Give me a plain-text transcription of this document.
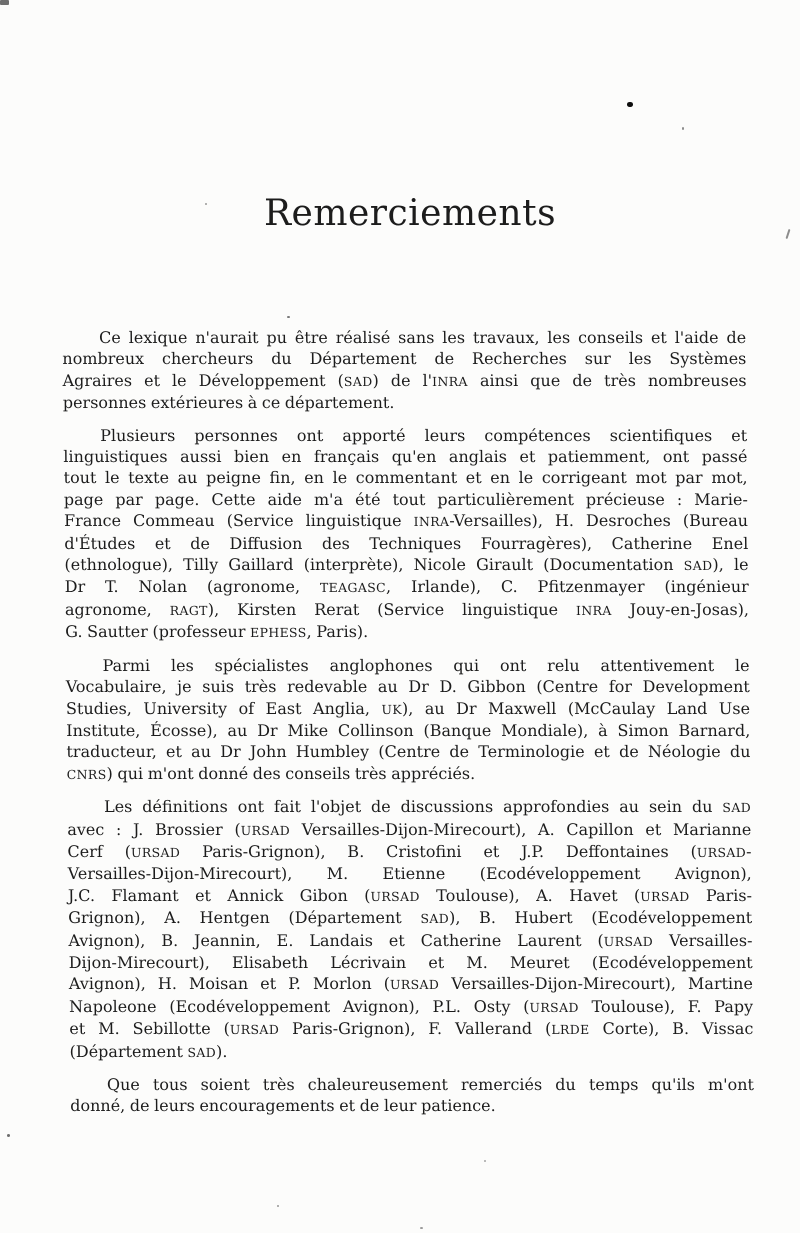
Remerciements
Ce lexique n'aurait pu être réalisé sans les travaux, les conseils et l'aide de
nombreux chercheurs du Département de Recherches sur les Systèmes
Agraires et le Développement (SAD) de l'INRA ainsi que de très nombreuses
personnes extérieures à ce département.
Plusieurs personnes ont apporté leurs compétences scientifiques et
linguistiques aussi bien en français qu'en anglais et patiemment, ont passé
tout le texte au peigne fin, en le commentant et en le corrigeant mot par mot,
page par page. Cette aide m'a été tout particulièrement précieuse : Marie-
France Commeau (Service linguistique INRA-Versailles), H. Desroches (Bureau
d'Études et de Diffusion des Techniques Fourragères), Catherine Enel
(ethnologue), Tilly Gaillard (interprète), Nicole Girault (Documentation SAD), le
Dr T. Nolan (agronome, TEAGASC, Irlande), C. Pfitzenmayer (ingénieur
agronome, RAGT), Kirsten Rerat (Service linguistique INRA Jouy-en-Josas),
G. Sautter (professeur EPHESS, Paris).
Parmi les spécialistes anglophones qui ont relu attentivement le
Vocabulaire, je suis très redevable au Dr D. Gibbon (Centre for Development
Studies, University of East Anglia, UK), au Dr Maxwell (McCaulay Land Use
Institute, Écosse), au Dr Mike Collinson (Banque Mondiale), à Simon Barnard,
traducteur, et au Dr John Humbley (Centre de Terminologie et de Néologie du
CNRS) qui m'ont donné des conseils très appréciés.
Les définitions ont fait l'objet de discussions approfondies au sein du SAD
avec : J. Brossier (URSAD Versailles-Dijon-Mirecourt), A. Capillon et Marianne
Cerf (URSAD Paris-Grignon), B. Cristofini et J.P. Deffontaines (URSAD-
Versailles-Dijon-Mirecourt), M. Etienne (Ecodéveloppement Avignon),
J.C. Flamant et Annick Gibon (URSAD Toulouse), A. Havet (URSAD Paris-
Grignon), A. Hentgen (Département SAD), B. Hubert (Ecodéveloppement
Avignon), B. Jeannin, E. Landais et Catherine Laurent (URSAD Versailles-
Dijon-Mirecourt), Elisabeth Lécrivain et M. Meuret (Ecodéveloppement
Avignon), H. Moisan et P. Morlon (URSAD Versailles-Dijon-Mirecourt), Martine
Napoleone (Ecodéveloppement Avignon), P.L. Osty (URSAD Toulouse), F. Papy
et M. Sebillotte (URSAD Paris-Grignon), F. Vallerand (LRDE Corte), B. Vissac
(Département SAD).
Que tous soient très chaleureusement remerciés du temps qu'ils m'ont
donné, de leurs encouragements et de leur patience.
